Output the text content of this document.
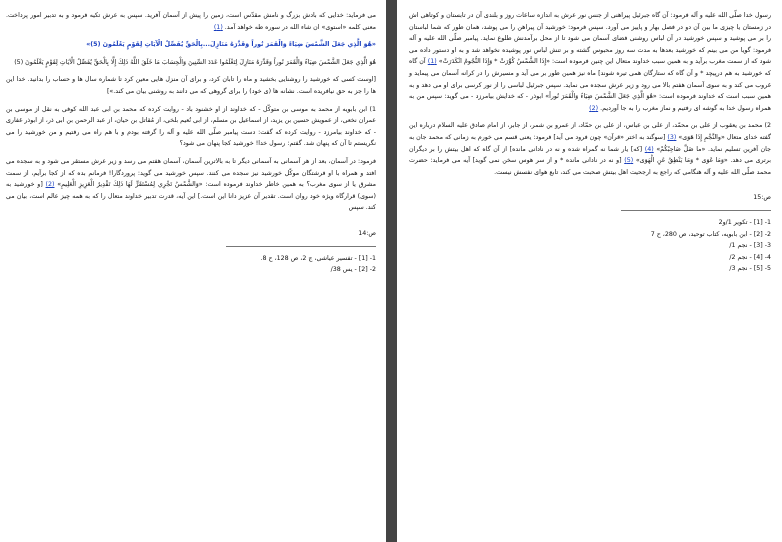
می فرماید: خدایی که بادش بزرگ و نامش مقدّس است، زمین را پیش از آسمان آفرید. سپس به عرش تکیه فرمود و به تدبیر امور پرداخت. معنی کلمه «استوی» ان شاء الله در سوره طه خواهد آمد. (1)

«هُوَ الَّذِي جَعَلَ الشَّمْسَ ضِيَاءً وَالْقَمَرَ نُوراً وَقَدَّرَهُ مَنَازِلَ...بِالْحَقِّ يُفَصِّلُ الْآيَاتِ لِقَوْمٍ يَعْلَمُونَ (5)»

هُوَ الَّذِي جَعَلَ الشَّمْسَ ضِيَاءً وَالْقَمَرَ نُوراً وَقَدَّرَهُ مَنَازِلَ لِتَعْلَمُوا عَدَدَ السِّنِينَ وَالْحِسَابَ مَا خَلَقَ اللَّهُ ذَلِكَ إِلَّا بِالْحَقِّ يُفَصِّلُ الْآيَاتِ لِقَوْمٍ يَعْلَمُونَ (5)

[اوست کسی که خورشید را روشنایی بخشید و ماه را تابان کرد، و برای آن منزل هایی معین کرد تا شماره سال ها و حساب را بدانید. خدا این ها را جز به حق نیافریده است. نشانه ها (ی خود) را برای گروهی که می دانند به روشنی بیان می کند.»]

1) ابن بابویه از محمد به موسی بن متوکّل - که خداوند از او خشنود باد - روایت کرده که محمد بن ابی عبد الله کوفی به نقل از موسی بن عمران نخعی، از عمویش حسین بن یزید، از اسماعیل بن مسلم، از ابی نُعیم بلخی، از مُقاتل بن حیان، از عبد الرحمن بن ابی ذر، از ابوذر غفاری - که خداوند بیامرزد - روایت کرده که گفت: دست پیامبر صلّی الله علیه و آله را گرفته بودم و با هم راه می رفتیم و من خورشید را می نگریستم تا آن که پنهان شد. گفتم: رسول خدا! خورشید کجا پنهان می شود؟

فرمود: در آسمان، بعد از هر آسمانی به آسمانی دیگر تا به بالاترین آسمان، آسمان هفتم می رسد و زیر عرش مستقر می شود و به سجده می افتد و همراه با او فرشتگان موکّل خورشید نیز سجده می کنند. سپس خورشید می گوید: پروردگارا! فرمانم بده که از کجا برآیم، از سمت مشرق یا از سوی مغرب؟ به همین خاطر خداوند فرموده است: «وَالشَّمْسُ تَجْرِي لِمُسْتَقَرٍّ لَهَا ذَلِكَ تَقْدِيرُ الْعَزِيزِ الْعَلِيمِ» (2) [و خورشید به (سوی) قرارگاه ویژه خود روان است. تقدیر آن عزیز دانا این است.] این آیه، قدرت تدبیر خداوند متعال را که به همه چیز عالم است، بیان می کند. سپس

ص:14

1- [1] - تفسیر عیاشی، ج 2، ص 128، ح 8.
2- [2] - یس 38/

رسول خدا صلّی الله علیه و آله فرمود: آن گاه جبرئیل پیراهنی از جنس نور عرش به اندازه ساعات روز و بلندی آن در تابستان و کوتاهی اش در زمستان یا چیزی ما بین آن دو در فصل بهار و پاییز می آورد. سپس فرمود: خورشید آن پیراهن را می پوشد، همان طور که شما لباستان را بر می پوشید و سپس خورشید در آن لباس روشنی فضای آسمان می شود تا از محل برآمدنش طلوع نماید. پیامبر صلّی الله علیه و آله فرمود: گویا من می بینم که خورشید بعدها به مدت سه روز محبوس گشته و بر تنش لباس نور پوشیده نخواهد شد و به او دستور داده می شود که از سمت مغرب برآید و به همین سبب خداوند متعال این چنین فرموده است: «إِذَا الشَّمْسُ كُوِّرَتْ * وَإِذَا النُّجُومُ انْكَدَرَتْ» (1) آن گاه که خورشید به هم درپیچد * و آن گاه که ستارگان همی تیره شوند] ماه نیز همین طور بر می آید و مسیرش را در کرانه آسمان می پیماید و غروب می کند و به سوی آسمان هفتم بالا می رود و زیر عرش سجده می نماید. سپس جبرئیل لباسی را از نور کرسی برای او می دهد و به همین سبب است که خداوند فرموده است: «هُوَ الَّذِي جَعَلَ الشَّمْسَ ضِيَاءً وَالْقَمَرَ نُوراً» ابوذر - که خدایش بیامرزد - می گوید: سپس من به همراه رسول خدا به گوشه ای رفتیم و نماز مغرب را به جا آوردیم. (2)

2) محمد بن یعقوب از علی بن محمّد، از علی بن عباس، از علی بن حمّاد، از عمرو بن شمر، از جابر، از امام صادق علیه السلام درباره این گفته خدای متعال «والنَّجْمِ إِذَا هَوَى» (3) [سوگند به اختر «قرآن» چون فرود می آید] فرمود: یعنی قسم می خورم به زمانی که محمد جان به جان آفرین تسلیم نماید. «ما ضَلَّ صَاحِبُكُمْ» (4) [که] یار شما نه گمراه شده و نه در نادانی مانده] از آن گاه که اهل بیتش را بر دیگران برتری می دهد. «وَمَا غَوَى * وَمَا يَنْطِقُ عَنِ الْهَوَى» (5) [و نه در نادانی مانده * و از سر هوس سخن نمی گوید] آیه می فرماید: حضرت محمد صلّی الله علیه و آله هنگامی که راجع به ارجحیت اهل بیتش صحبت می کند، تابع هوای نفسش نیست.

ص:15

1- [1] - تکویر 1/و2
2- [2] - ابن بابویه، کتاب توحید، ص 280، ح 7
3- [3] - نجم 1/
4- [4] - نجم 2/
5- [5] - نجم 3/
